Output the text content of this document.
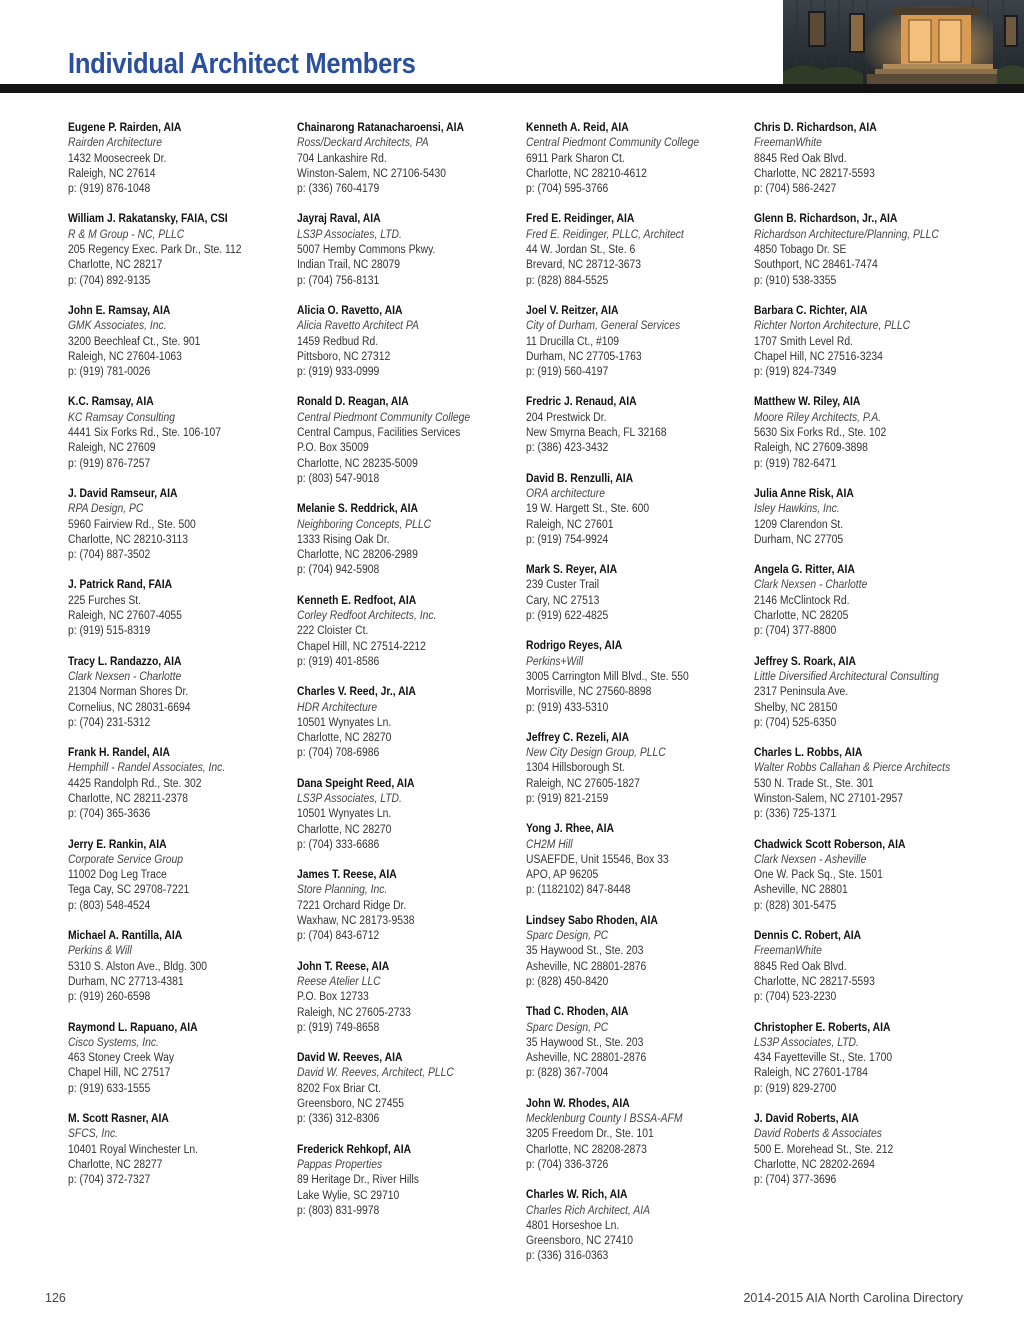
Individual Architect Members
Eugene P. Rairden, AIA
Rairden Architecture
1432 Moosecreek Dr.
Raleigh, NC 27614
p: (919) 876-1048
William J. Rakatansky, FAIA, CSI
R & M Group - NC, PLLC
205 Regency Exec. Park Dr., Ste. 112
Charlotte, NC 28217
p: (704) 892-9135
John E. Ramsay, AIA
GMK Associates, Inc.
3200 Beechleaf Ct., Ste. 901
Raleigh, NC 27604-1063
p: (919) 781-0026
K.C. Ramsay, AIA
KC Ramsay Consulting
4441 Six Forks Rd., Ste. 106-107
Raleigh, NC 27609
p: (919) 876-7257
J. David Ramseur, AIA
RPA Design, PC
5960 Fairview Rd., Ste. 500
Charlotte, NC 28210-3113
p: (704) 887-3502
J. Patrick Rand, FAIA
225 Furches St.
Raleigh, NC 27607-4055
p: (919) 515-8319
Tracy L. Randazzo, AIA
Clark Nexsen - Charlotte
21304 Norman Shores Dr.
Cornelius, NC 28031-6694
p: (704) 231-5312
Frank H. Randel, AIA
Hemphill - Randel Associates, Inc.
4425 Randolph Rd., Ste. 302
Charlotte, NC 28211-2378
p: (704) 365-3636
Jerry E. Rankin, AIA
Corporate Service Group
11002 Dog Leg Trace
Tega Cay, SC 29708-7221
p: (803) 548-4524
Michael A. Rantilla, AIA
Perkins & Will
5310 S. Alston Ave., Bldg. 300
Durham, NC 27713-4381
p: (919) 260-6598
Raymond L. Rapuano, AIA
Cisco Systems, Inc.
463 Stoney Creek Way
Chapel Hill, NC 27517
p: (919) 633-1555
M. Scott Rasner, AIA
SFCS, Inc.
10401 Royal Winchester Ln.
Charlotte, NC 28277
p: (704) 372-7327
Chainarong Ratanacharoensi, AIA
Ross/Deckard Architects, PA
704 Lankashire Rd.
Winston-Salem, NC 27106-5430
p: (336) 760-4179
Jayraj Raval, AIA
LS3P Associates, LTD.
5007 Hemby Commons Pkwy.
Indian Trail, NC 28079
p: (704) 756-8131
Alicia O. Ravetto, AIA
Alicia Ravetto Architect PA
1459 Redbud Rd.
Pittsboro, NC 27312
p: (919) 933-0999
Ronald D. Reagan, AIA
Central Piedmont Community College
Central Campus, Facilities Services
P.O. Box 35009
Charlotte, NC 28235-5009
p: (803) 547-9018
Melanie S. Reddrick, AIA
Neighboring Concepts, PLLC
1333 Rising Oak Dr.
Charlotte, NC 28206-2989
p: (704) 942-5908
Kenneth E. Redfoot, AIA
Corley Redfoot Architects, Inc.
222 Cloister Ct.
Chapel Hill, NC 27514-2212
p: (919) 401-8586
Charles V. Reed, Jr., AIA
HDR Architecture
10501 Wynyates Ln.
Charlotte, NC 28270
p: (704) 708-6986
Dana Speight Reed, AIA
LS3P Associates, LTD.
10501 Wynyates Ln.
Charlotte, NC 28270
p: (704) 333-6686
James T. Reese, AIA
Store Planning, Inc.
7221 Orchard Ridge Dr.
Waxhaw, NC 28173-9538
p: (704) 843-6712
John T. Reese, AIA
Reese Atelier LLC
P.O. Box 12733
Raleigh, NC 27605-2733
p: (919) 749-8658
David W. Reeves, AIA
David W. Reeves, Architect, PLLC
8202 Fox Briar Ct.
Greensboro, NC 27455
p: (336) 312-8306
Frederick Rehkopf, AIA
Pappas Properties
89 Heritage Dr., River Hills
Lake Wylie, SC 29710
p: (803) 831-9978
Kenneth A. Reid, AIA
Central Piedmont Community College
6911 Park Sharon Ct.
Charlotte, NC 28210-4612
p: (704) 595-3766
Fred E. Reidinger, AIA
Fred E. Reidinger, PLLC, Architect
44 W. Jordan St., Ste. 6
Brevard, NC 28712-3673
p: (828) 884-5525
Joel V. Reitzer, AIA
City of Durham, General Services
11 Drucilla Ct., #109
Durham, NC 27705-1763
p: (919) 560-4197
Fredric J. Renaud, AIA
204 Prestwick Dr.
New Smyrna Beach, FL 32168
p: (386) 423-3432
David B. Renzulli, AIA
ORA architecture
19 W. Hargett St., Ste. 600
Raleigh, NC 27601
p: (919) 754-9924
Mark S. Reyer, AIA
239 Custer Trail
Cary, NC 27513
p: (919) 622-4825
Rodrigo Reyes, AIA
Perkins+Will
3005 Carrington Mill Blvd., Ste. 550
Morrisville, NC 27560-8898
p: (919) 433-5310
Jeffrey C. Rezeli, AIA
New City Design Group, PLLC
1304 Hillsborough St.
Raleigh, NC 27605-1827
p: (919) 821-2159
Yong J. Rhee, AIA
CH2M Hill
USAEFDE, Unit 15546, Box 33
APO, AP 96205
p: (1182102) 847-8448
Lindsey Sabo Rhoden, AIA
Sparc Design, PC
35 Haywood St., Ste. 203
Asheville, NC 28801-2876
p: (828) 450-8420
Thad C. Rhoden, AIA
Sparc Design, PC
35 Haywood St., Ste. 203
Asheville, NC 28801-2876
p: (828) 367-7004
John W. Rhodes, AIA
Mecklenburg County I BSSA-AFM
3205 Freedom Dr., Ste. 101
Charlotte, NC 28208-2873
p: (704) 336-3726
Charles W. Rich, AIA
Charles Rich Architect, AIA
4801 Horseshoe Ln.
Greensboro, NC 27410
p: (336) 316-0363
Chris D. Richardson, AIA
FreemanWhite
8845 Red Oak Blvd.
Charlotte, NC 28217-5593
p: (704) 586-2427
Glenn B. Richardson, Jr., AIA
Richardson Architecture/Planning, PLLC
4850 Tobago Dr. SE
Southport, NC 28461-7474
p: (910) 538-3355
Barbara C. Richter, AIA
Richter Norton Architecture, PLLC
1707 Smith Level Rd.
Chapel Hill, NC 27516-3234
p: (919) 824-7349
Matthew W. Riley, AIA
Moore Riley Architects, P.A.
5630 Six Forks Rd., Ste. 102
Raleigh, NC 27609-3898
p: (919) 782-6471
Julia Anne Risk, AIA
Isley Hawkins, Inc.
1209 Clarendon St.
Durham, NC 27705
Angela G. Ritter, AIA
Clark Nexsen - Charlotte
2146 McClintock Rd.
Charlotte, NC 28205
p: (704) 377-8800
Jeffrey S. Roark, AIA
Little Diversified Architectural Consulting
2317 Peninsula Ave.
Shelby, NC 28150
p: (704) 525-6350
Charles L. Robbs, AIA
Walter Robbs Callahan & Pierce Architects
530 N. Trade St., Ste. 301
Winston-Salem, NC 27101-2957
p: (336) 725-1371
Chadwick Scott Roberson, AIA
Clark Nexsen - Asheville
One W. Pack Sq., Ste. 1501
Asheville, NC 28801
p: (828) 301-5475
Dennis C. Robert, AIA
FreemanWhite
8845 Red Oak Blvd.
Charlotte, NC 28217-5593
p: (704) 523-2230
Christopher E. Roberts, AIA
LS3P Associates, LTD.
434 Fayetteville St., Ste. 1700
Raleigh, NC 27601-1784
p: (919) 829-2700
J. David Roberts, AIA
David Roberts & Associates
500 E. Morehead St., Ste. 212
Charlotte, NC 28202-2694
p: (704) 377-3696
126	2014-2015 AIA North Carolina Directory
